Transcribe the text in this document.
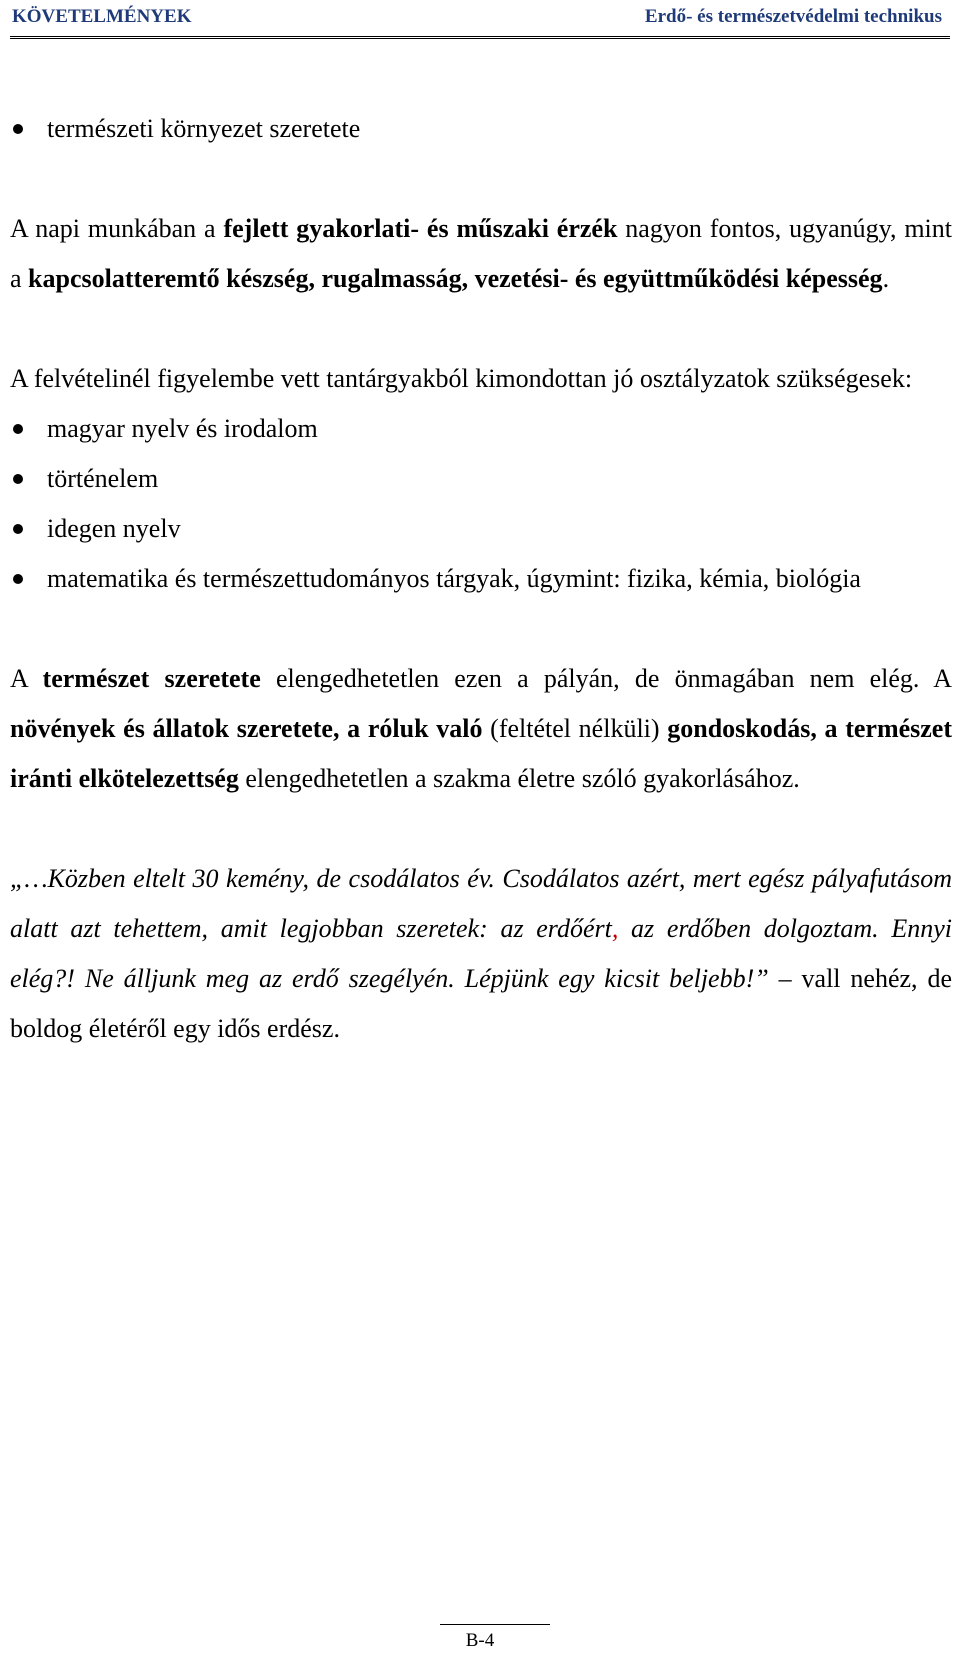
KÖVETELMÉNYEK	Erdő- és természetvédelmi technikus
természeti környezet szeretete

A napi munkában a fejlett gyakorlati- és műszaki érzék nagyon fontos, ugyanúgy, mint a kapcsolatteremtő készség, rugalmasság, vezetési- és együttműködési képesség.

A felvételinél figyelembe vett tantárgyakból kimondottan jó osztályzatok szükségesek:

magyar nyelv és irodalom
történelem
idegen nyelv
matematika és természettudományos tárgyak, úgymint: fizika, kémia, biológia

A természet szeretete elengedhetetlen ezen a pályán, de önmagában nem elég. A növények és állatok szeretete, a róluk való (feltétel nélküli) gondoskodás, a természet iránti elkötelezettség elengedhetetlen a szakma életre szóló gyakorlásához.

„…Közben eltelt 30 kemény, de csodálatos év. Csodálatos azért, mert egész pályafutásom alatt azt tehettem, amit legjobban szeretek: az erdőért, az erdőben dolgoztam. Ennyi elég?! Ne álljunk meg az erdő szegélyén. Lépjünk egy kicsit beljebb!” – vall nehéz, de boldog életéről egy idős erdész.

B-4
